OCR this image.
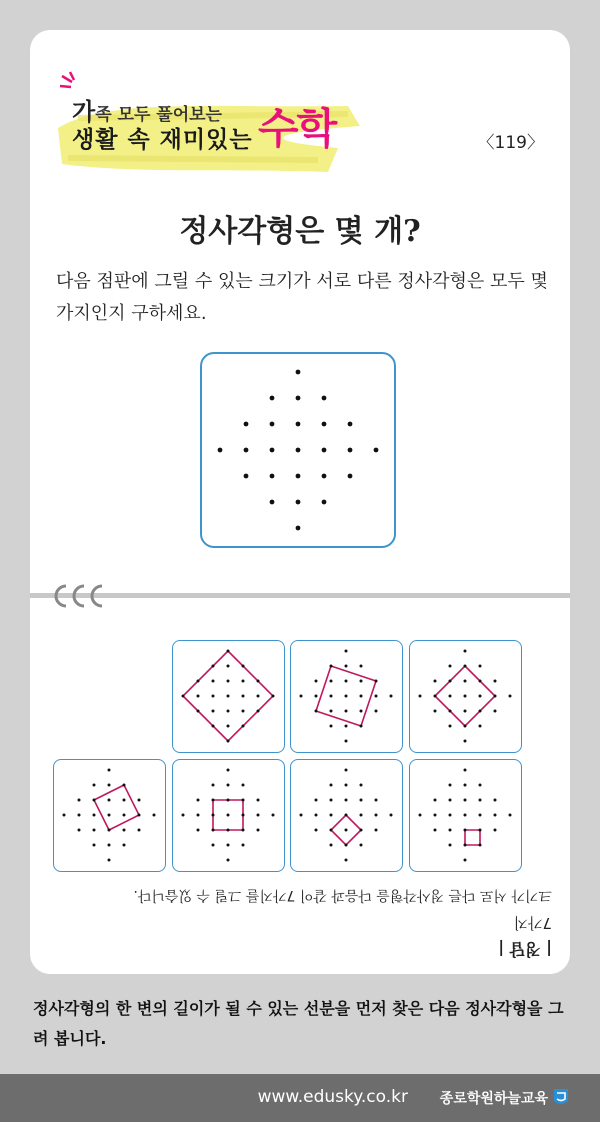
가족 모두 풀어보는
생활 속 재미있는 수학	〈119〉
정사각형은 몇 개?
다음 점판에 그릴 수 있는 크기가 서로 다른 정사각형은 모두 몇 가지인지 구하세요.
| 정답 |
7가지
크기가 서로 다른 정사각형을 다음과 같이 7가지를 그릴 수 있습니다.
정사각형의 한 변의 길이가 될 수 있는 선분을 먼저 찾은 다음 정사각형을 그려 봅니다.
www.edusky.co.kr 종로학원하늘교육
